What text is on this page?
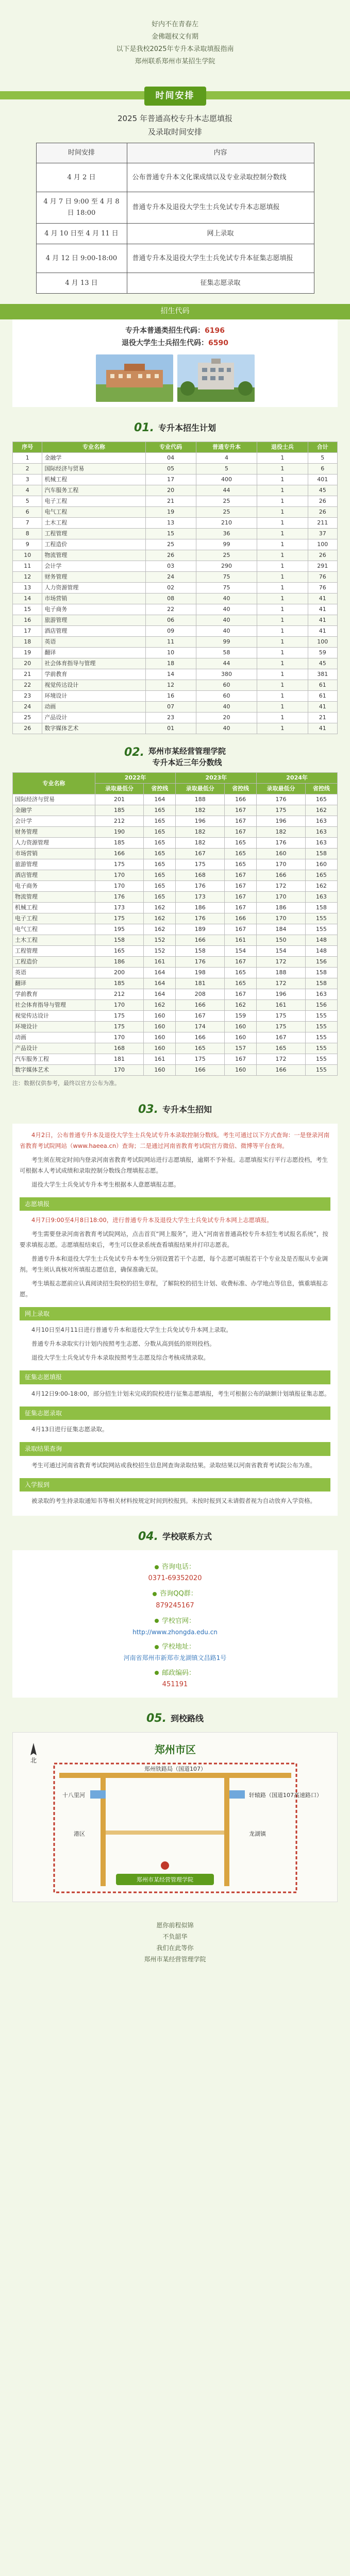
好内不在青春左

金佛题权文有期

以下是我校2025年专升本录取填报指南

郑州联系郑州市某招生学院

时间安排
2025 年普通高校专升本志愿填报
及录取时间安排
时间安排	内容
4 月 2 日	公布普通专升本文化课成绩以及专业录取控制分数线
4 月 7 日 9:00 至 4 月 8 日 18:00	普通专升本及退役大学生士兵免试专升本志愿填报
4 月 10 日至 4 月 11 日	网上录取
4 月 12 日 9:00-18:00	普通专升本及退役大学生士兵免试专升本征集志愿填报
4 月 13 日	征集志愿录取
招生代码
专升本普通类招生代码：6196
退役大学生士兵招生代码：6590
01. 专升本招生计划
序号	专业名称	专业代码	普通专升本	退役士兵	合计
1	金融学	04	4	1	5
2	国际经济与贸易	05	5	1	6
3	机械工程	17	400	1	401
4	汽车服务工程	20	44	1	45
5	电子工程	21	25	1	26
6	电气工程	19	25	1	26
7	土木工程	13	210	1	211
8	工程管理	15	36	1	37
9	工程造价	25	99	1	100
10	物流管理	26	25	1	26
11	会计学	03	290	1	291
12	财务管理	24	75	1	76
13	人力资源管理	02	75	1	76
14	市场营销	08	40	1	41
15	电子商务	22	40	1	41
16	旅游管理	06	40	1	41
17	酒店管理	09	40	1	41
18	英语	11	99	1	100
19	翻译	10	58	1	59
20	社会体育指导与管理	18	44	1	45
21	学前教育	14	380	1	381
22	视觉传达设计	12	60	1	61
23	环境设计	16	60	1	61
24	动画	07	40	1	41
25	产品设计	23	20	1	21
26	数字媒体艺术	01	40	1	41
02. 郑州市某经营管理学院
专升本近三年分数线
专业名称	2022年		2023年		2024年	
	录取最低分	省控线	录取最低分	省控线	录取最低分	省控线
国际经济与贸易	201	164	188	166	176	165
金融学	185	165	182	167	175	162
会计学	212	165	196	167	196	163
财务管理	190	165	182	167	182	163
人力资源管理	185	165	182	165	176	163
市场营销	166	165	167	165	160	158
旅游管理	175	165	175	165	170	160
酒店管理	170	165	168	167	166	165
电子商务	170	165	176	167	172	162
物流管理	176	165	173	167	170	163
机械工程	173	162	186	167	186	158
电子工程	175	162	176	166	170	155
电气工程	195	162	189	167	184	155
土木工程	158	152	166	161	150	148
工程管理	165	152	158	154	154	148
工程造价	186	161	176	167	172	156
英语	200	164	198	165	188	158
翻译	185	164	181	165	172	158
学前教育	212	164	208	167	196	163
社会体育指导与管理	170	162	166	162	161	156
视觉传达设计	175	160	167	159	175	155
环境设计	175	160	174	160	175	155
动画	170	160	166	160	167	155
产品设计	168	160	165	157	165	155
汽车服务工程	181	161	175	167	172	155
数字媒体艺术	170	160	166	160	166	155
注：数据仅供参考，最终以官方公布为准。
03. 专升本生招知

4月2日，公布普通专升本及退役大学生士兵免试专升本录取控制分数线。考生可通过以下方式查询：一是登录河南省教育考试院网站（www.haeea.cn）查询；二是通过河南省教育考试院官方微信、微博等平台查询。

考生须在规定时间内登录河南省教育考试院网站进行志愿填报，逾期不予补报。志愿填报实行平行志愿投档，考生可根据本人考试成绩和录取控制分数线合理填报志愿。

退役大学生士兵免试专升本考生根据本人意愿填报志愿。

志愿填报

4月7日9:00至4月8日18:00，进行普通专升本及退役大学生士兵免试专升本网上志愿填报。

考生需要登录河南省教育考试院网站，点击首页“网上服务”，进入“河南省普通高校专升本招生考试报名系统”，按要求填报志愿。志愿填报结束后，考生可以登录系统查看填报结果并打印志愿表。

普通专升本和退役大学生士兵免试专升本考生分别设置若干个志愿，每个志愿可填报若干个专业及是否服从专业调剂。考生须认真核对所填报志愿信息，确保准确无误。

考生填报志愿前应认真阅读招生院校的招生章程，了解院校的招生计划、收费标准、办学地点等信息，慎重填报志愿。

网上录取

4月10日至4月11日进行普通专升本和退役大学生士兵免试专升本网上录取。

普通专升本录取实行计划内按照考生志愿、分数从高到低的原则投档。

退役大学生士兵免试专升本录取按照考生志愿及综合考核成绩录取。

征集志愿填报

4月12日9:00-18:00，部分招生计划未完成的院校进行征集志愿填报，考生可根据公布的缺额计划填报征集志愿。

征集志愿录取

4月13日进行征集志愿录取。

录取结果查询

考生可通过河南省教育考试院网站或我校招生信息网查询录取结果。录取结果以河南省教育考试院公布为准。

入学报到

被录取的考生持录取通知书等相关材料按规定时间到校报到。未按时报到又未请假者视为自动放弃入学资格。

04. 学校联系方式
咨询电话：
0371-69352020
咨询QQ群：
879245167
学校官网：
http://www.zhongda.edu.cn
学校地址：
河南省郑州市新郑市龙湖镇文昌路1号
邮政编码：
451191
05. 到校路线
北
郑州市区
郑州铁路局（国道107）
十八里河	轩辕路（国道107高速路口）
港区	龙湖镇
郑州市某经营管理学院

愿你前程似锦

不负韶华

我们在此等你

郑州市某经营管理学院
